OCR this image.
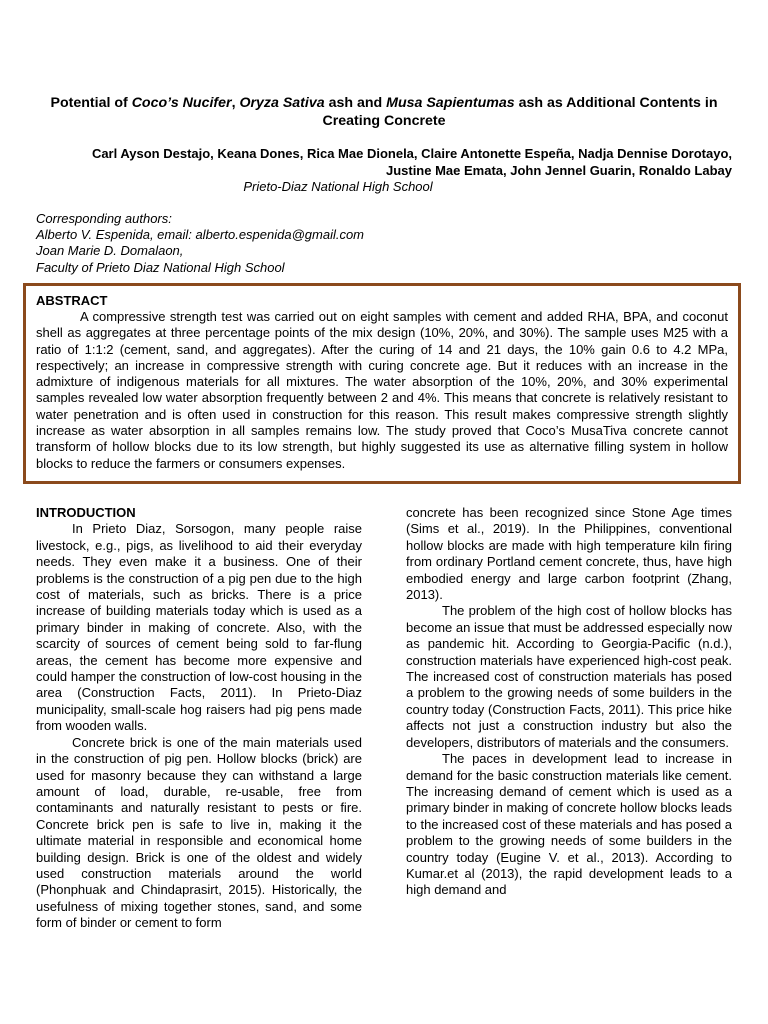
Potential of Coco’s Nucifer, Oryza Sativa ash and Musa Sapientumas ash as Additional Contents in Creating Concrete
Carl Ayson Destajo, Keana Dones, Rica Mae Dionela, Claire Antonette Espeña, Nadja Dennise Dorotayo,
Justine Mae Emata, John Jennel Guarin, Ronaldo Labay
Prieto-Diaz National High School
Corresponding authors:
Alberto V. Espenida, email: alberto.espenida@gmail.com
Joan Marie D. Domalaon,
Faculty of Prieto Diaz National High School
ABSTRACT
A compressive strength test was carried out on eight samples with cement and added RHA, BPA, and coconut shell as aggregates at three percentage points of the mix design (10%, 20%, and 30%). The sample uses M25 with a ratio of 1:1:2 (cement, sand, and aggregates). After the curing of 14 and 21 days, the 10% gain 0.6 to 4.2 MPa, respectively; an increase in compressive strength with curing concrete age. But it reduces with an increase in the admixture of indigenous materials for all mixtures. The water absorption of the 10%, 20%, and 30% experimental samples revealed low water absorption frequently between 2 and 4%. This means that concrete is relatively resistant to water penetration and is often used in construction for this reason. This result makes compressive strength slightly increase as water absorption in all samples remains low. The study proved that Coco’s MusaTiva concrete cannot transform of hollow blocks due to its low strength, but highly suggested its use as alternative filling system in hollow blocks to reduce the farmers or consumers expenses.
INTRODUCTION

In Prieto Diaz, Sorsogon, many people raise livestock, e.g., pigs, as livelihood to aid their everyday needs. They even make it a business. One of their problems is the construction of a pig pen due to the high cost of materials, such as bricks. There is a price increase of building materials today which is used as a primary binder in making of concrete. Also, with the scarcity of sources of cement being sold to far-flung areas, the cement has become more expensive and could hamper the construction of low-cost housing in the area (Construction Facts, 2011). In Prieto-Diaz municipality, small-scale hog raisers had pig pens made from wooden walls.

Concrete brick is one of the main materials used in the construction of pig pen. Hollow blocks (brick) are used for masonry because they can withstand a large amount of load, durable, re-usable, free from contaminants and naturally resistant to pests or fire. Concrete brick pen is safe to live in, making it the ultimate material in responsible and economical home building design. Brick is one of the oldest and widely used construction materials around the world (Phonphuak and Chindaprasirt, 2015). Historically, the usefulness of mixing together stones, sand, and some form of binder or cement to form

concrete has been recognized since Stone Age times (Sims et al., 2019). In the Philippines, conventional hollow blocks are made with high temperature kiln firing from ordinary Portland cement concrete, thus, have high embodied energy and large carbon footprint (Zhang, 2013).

The problem of the high cost of hollow blocks has become an issue that must be addressed especially now as pandemic hit. According to Georgia-Pacific (n.d.), construction materials have experienced high-cost peak. The increased cost of construction materials has posed a problem to the growing needs of some builders in the country today (Construction Facts, 2011). This price hike affects not just a construction industry but also the developers, distributors of materials and the consumers.

The paces in development lead to increase in demand for the basic construction materials like cement. The increasing demand of cement which is used as a primary binder in making of concrete hollow blocks leads to the increased cost of these materials and has posed a problem to the growing needs of some builders in the country today (Eugine V. et al., 2013). According to Kumar.et al (2013), the rapid development leads to a high demand and
